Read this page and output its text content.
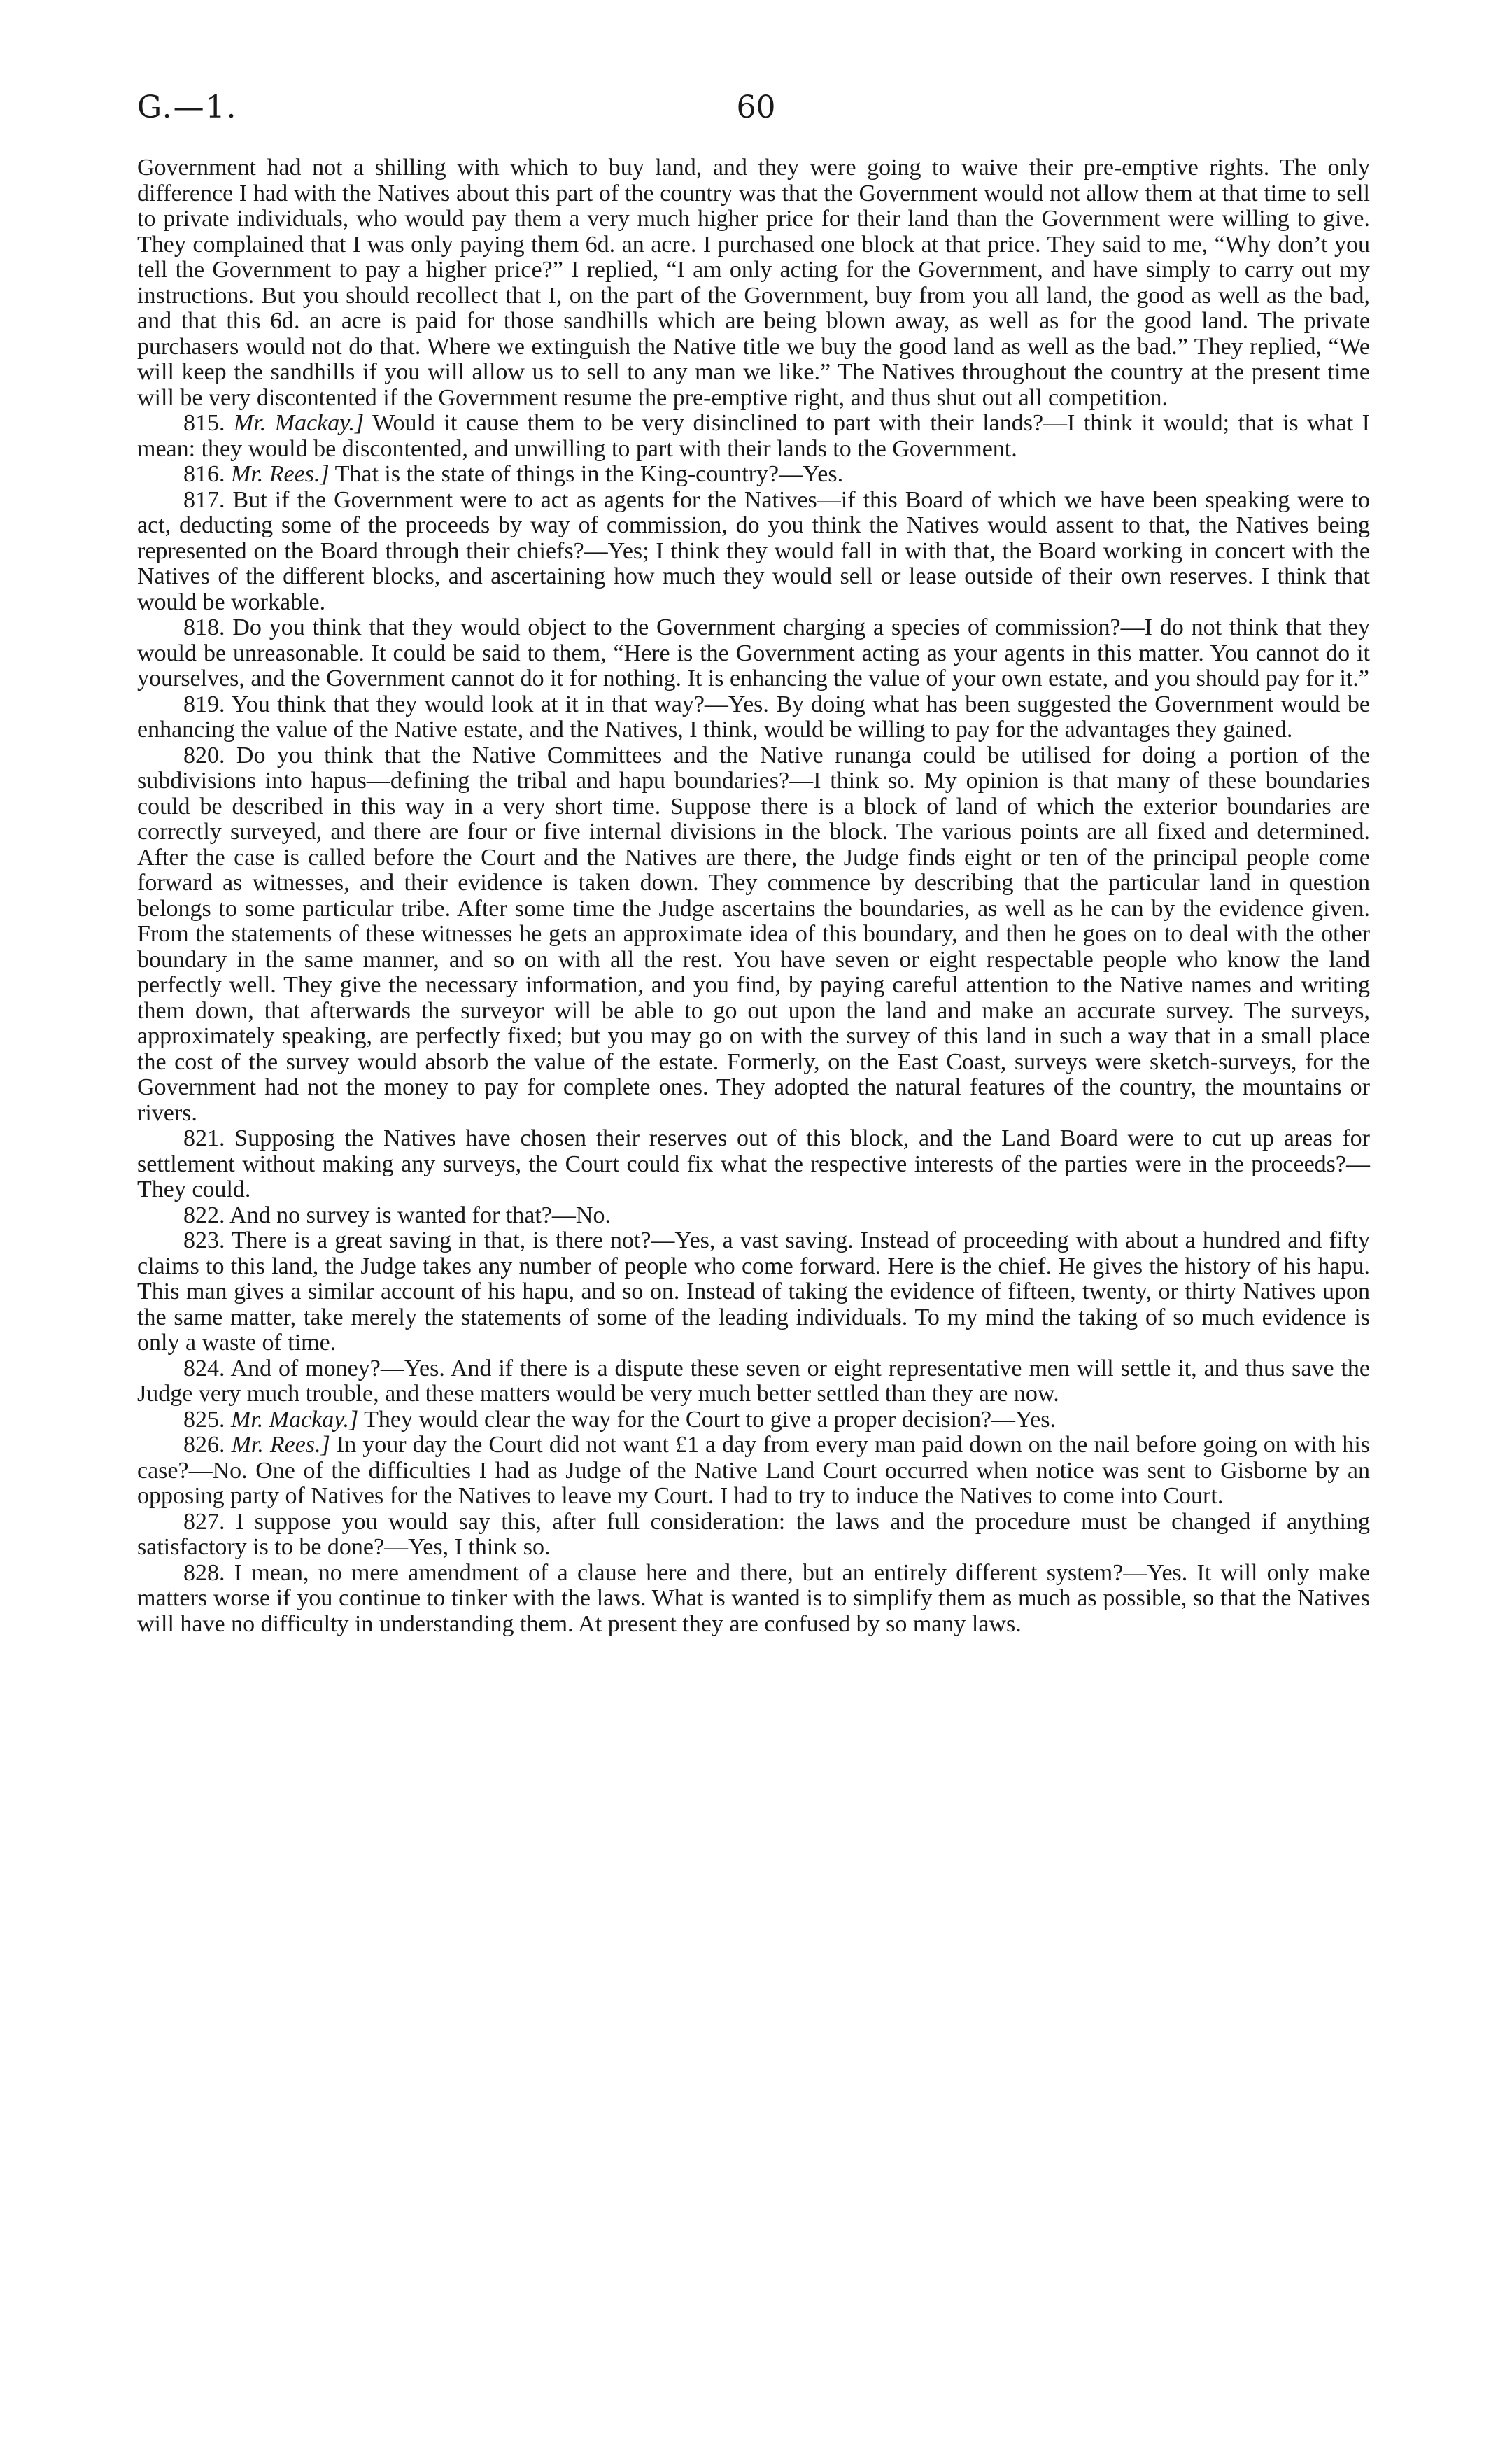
G.—1.	60

Government had not a shilling with which to buy land, and they were going to waive their pre-emptive rights. The only difference I had with the Natives about this part of the country was that the Government would not allow them at that time to sell to private individuals, who would pay them a very much higher price for their land than the Government were willing to give. They complained that I was only paying them 6d. an acre. I purchased one block at that price. They said to me, “Why don’t you tell the Government to pay a higher price?” I replied, “I am only acting for the Government, and have simply to carry out my instructions. But you should recollect that I, on the part of the Government, buy from you all land, the good as well as the bad, and that this 6d. an acre is paid for those sandhills which are being blown away, as well as for the good land. The private purchasers would not do that. Where we extinguish the Native title we buy the good land as well as the bad.” They replied, “We will keep the sandhills if you will allow us to sell to any man we like.” The Natives throughout the country at the present time will be very discontented if the Government resume the pre-emptive right, and thus shut out all competition.

815. Mr. Mackay.] Would it cause them to be very disinclined to part with their lands?—I think it would; that is what I mean: they would be discontented, and unwilling to part with their lands to the Government.

816. Mr. Rees.] That is the state of things in the King-country?—Yes.

817. But if the Government were to act as agents for the Natives—if this Board of which we have been speaking were to act, deducting some of the proceeds by way of commission, do you think the Natives would assent to that, the Natives being represented on the Board through their chiefs?—Yes; I think they would fall in with that, the Board working in concert with the Natives of the different blocks, and ascertaining how much they would sell or lease outside of their own reserves. I think that would be workable.

818. Do you think that they would object to the Government charging a species of commission?—I do not think that they would be unreasonable. It could be said to them, “Here is the Government acting as your agents in this matter. You cannot do it yourselves, and the Government cannot do it for nothing. It is enhancing the value of your own estate, and you should pay for it.”

819. You think that they would look at it in that way?—Yes. By doing what has been suggested the Government would be enhancing the value of the Native estate, and the Natives, I think, would be willing to pay for the advantages they gained.

820. Do you think that the Native Committees and the Native runanga could be utilised for doing a portion of the subdivisions into hapus—defining the tribal and hapu boundaries?—I think so. My opinion is that many of these boundaries could be described in this way in a very short time. Suppose there is a block of land of which the exterior boundaries are correctly surveyed, and there are four or five internal divisions in the block. The various points are all fixed and determined. After the case is called before the Court and the Natives are there, the Judge finds eight or ten of the principal people come forward as witnesses, and their evidence is taken down. They commence by describing that the particular land in question belongs to some particular tribe. After some time the Judge ascertains the boundaries, as well as he can by the evidence given. From the statements of these witnesses he gets an approximate idea of this boundary, and then he goes on to deal with the other boundary in the same manner, and so on with all the rest. You have seven or eight respectable people who know the land perfectly well. They give the necessary information, and you find, by paying careful attention to the Native names and writing them down, that afterwards the surveyor will be able to go out upon the land and make an accurate survey. The surveys, approximately speaking, are perfectly fixed; but you may go on with the survey of this land in such a way that in a small place the cost of the survey would absorb the value of the estate. Formerly, on the East Coast, surveys were sketch-surveys, for the Government had not the money to pay for complete ones. They adopted the natural features of the country, the mountains or rivers.

821. Supposing the Natives have chosen their reserves out of this block, and the Land Board were to cut up areas for settlement without making any surveys, the Court could fix what the respective interests of the parties were in the proceeds?—They could.

822. And no survey is wanted for that?—No.

823. There is a great saving in that, is there not?—Yes, a vast saving. Instead of proceeding with about a hundred and fifty claims to this land, the Judge takes any number of people who come forward. Here is the chief. He gives the history of his hapu. This man gives a similar account of his hapu, and so on. Instead of taking the evidence of fifteen, twenty, or thirty Natives upon the same matter, take merely the statements of some of the leading individuals. To my mind the taking of so much evidence is only a waste of time.

824. And of money?—Yes. And if there is a dispute these seven or eight representative men will settle it, and thus save the Judge very much trouble, and these matters would be very much better settled than they are now.

825. Mr. Mackay.] They would clear the way for the Court to give a proper decision?—Yes.

826. Mr. Rees.] In your day the Court did not want £1 a day from every man paid down on the nail before going on with his case?—No. One of the difficulties I had as Judge of the Native Land Court occurred when notice was sent to Gisborne by an opposing party of Natives for the Natives to leave my Court. I had to try to induce the Natives to come into Court.

827. I suppose you would say this, after full consideration: the laws and the procedure must be changed if anything satisfactory is to be done?—Yes, I think so.

828. I mean, no mere amendment of a clause here and there, but an entirely different system?—Yes. It will only make matters worse if you continue to tinker with the laws. What is wanted is to simplify them as much as possible, so that the Natives will have no difficulty in understanding them. At present they are confused by so many laws.
